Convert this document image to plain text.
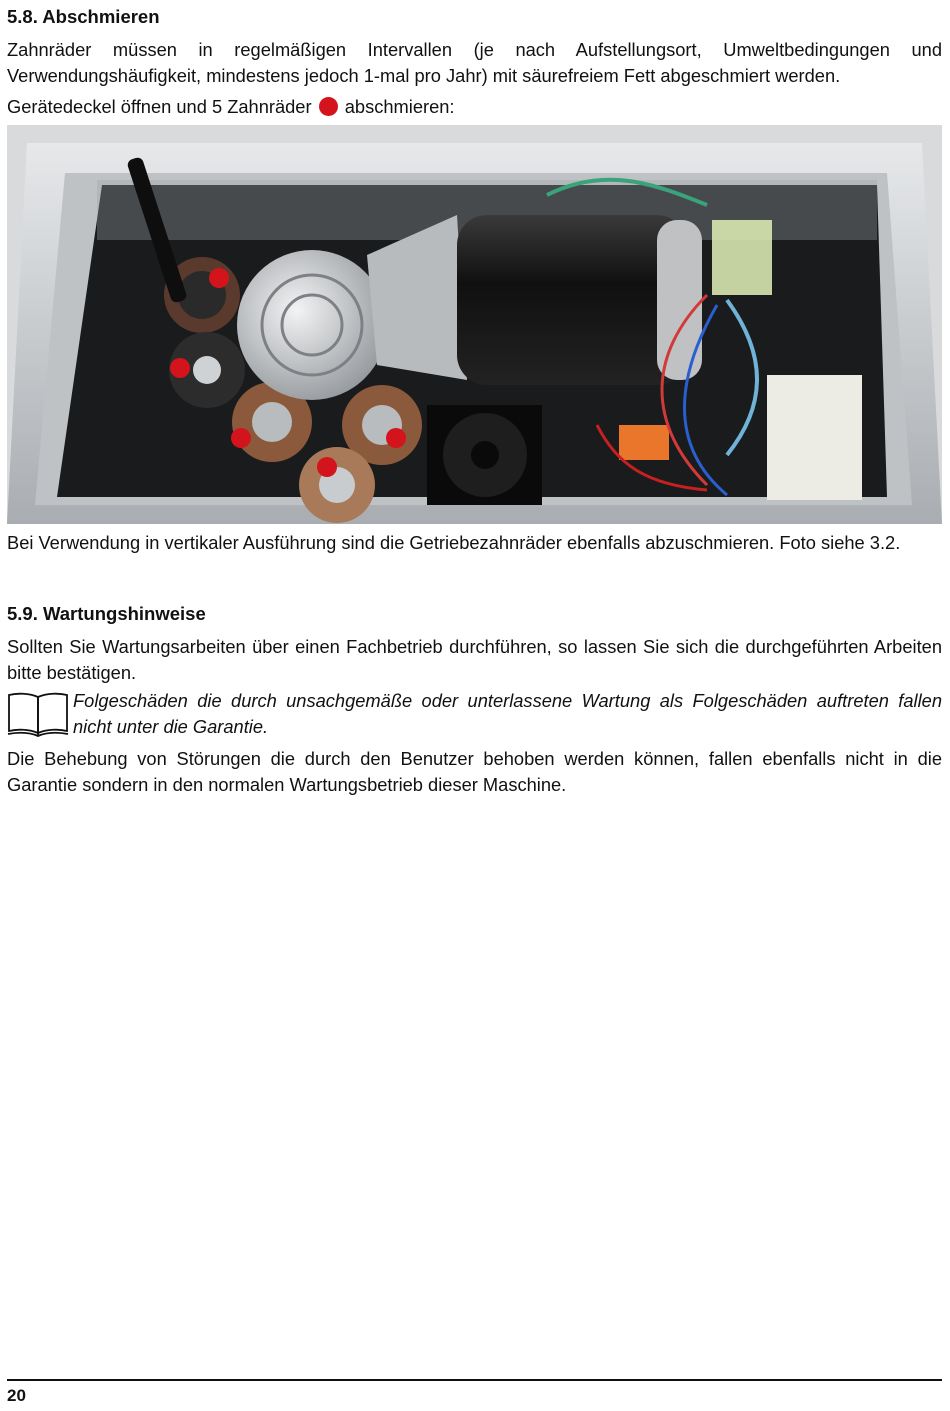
5.8. Abschmieren

Zahnräder müssen in regelmäßigen Intervallen (je nach Aufstellungsort, Umweltbedingungen und Verwendungshäufigkeit, mindestens jedoch 1-mal pro Jahr) mit säurefreiem Fett abgeschmiert werden.

Gerätedeckel öffnen und 5 Zahnräder abschmieren:

Bei Verwendung in vertikaler Ausführung sind die Getriebezahnräder ebenfalls abzuschmieren. Foto siehe 3.2.

5.9. Wartungshinweise

Sollten Sie Wartungsarbeiten über einen Fachbetrieb durchführen, so lassen Sie sich die durchgeführten Arbeiten bitte bestätigen.

Folgeschäden die durch unsachgemäße oder unterlassene Wartung als Folgeschäden auftreten fallen nicht unter die Garantie.

Die Behebung von Störungen die durch den Benutzer behoben werden können, fallen ebenfalls nicht in die Garantie sondern in den normalen Wartungsbetrieb dieser Maschine.

20
